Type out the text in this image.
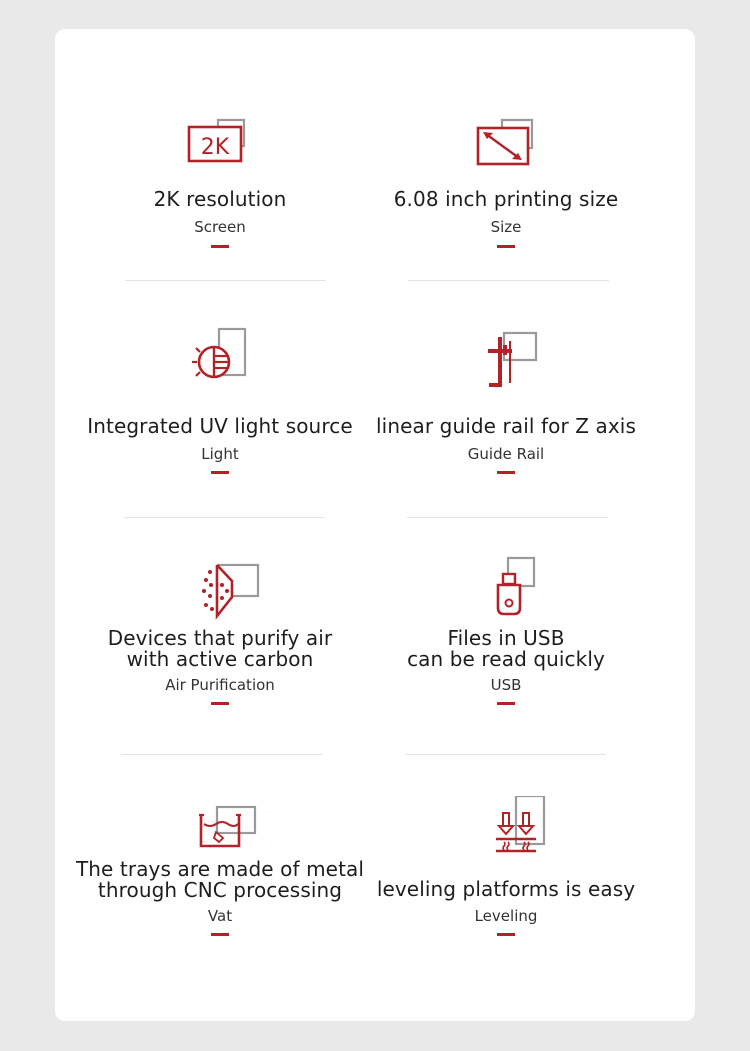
2K
2K resolution
Screen
6.08 inch printing size
Size
Integrated UV light source
Light
linear guide rail for Z axis
Guide Rail
Devices that purify air
with active carbon
Air Purification
Files in USB
can be read quickly
USB
The trays are made of metal
through CNC processing
Vat
leveling platforms is easy
Leveling
